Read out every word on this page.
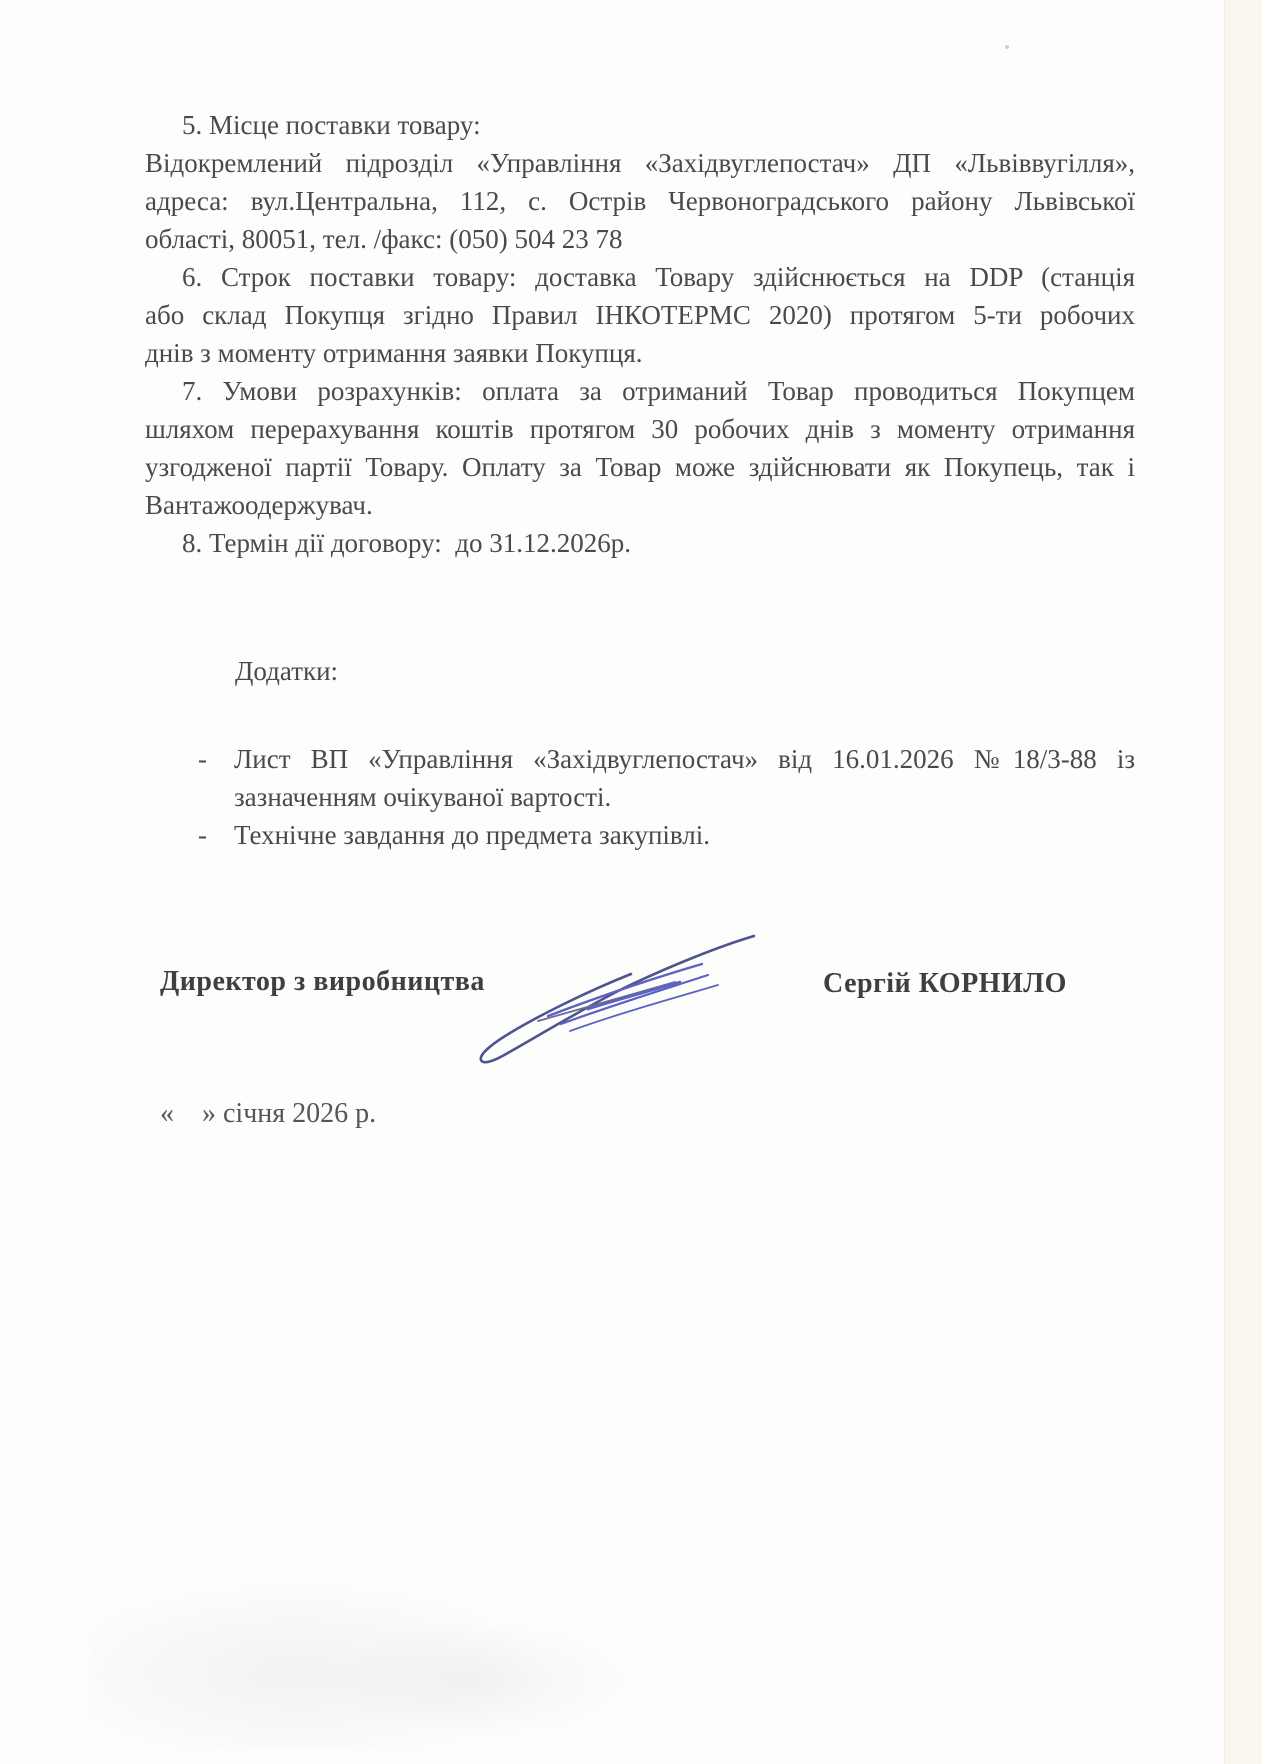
5. Місце поставки товару:
Відокремлений підрозділ «Управління «Західвуглепостач» ДП «Львіввугілля»,
адреса: вул.Центральна, 112, с. Острів Червоноградського району Львівської
області, 80051, тел. /факс: (050) 504 23 78
6. Строк поставки товару: доставка Товару здійснюється на DDP (станція
або склад Покупця згідно Правил ІНКОТЕРМС 2020) протягом 5-ти робочих
днів з моменту отримання заявки Покупця.
7. Умови розрахунків: оплата за отриманий Товар проводиться Покупцем
шляхом перерахування коштів протягом 30 робочих днів з моменту отримання
узгодженої партії Товару. Оплату за Товар може здійснювати як Покупець, так і
Вантажоодержувач.
8. Термін дії договору:  до 31.12.2026р.
Додатки:
-	Лист ВП «Управління «Західвуглепостач» від 16.01.2026 №18/3-88 із
зазначенням очікуваної вартості.
-	Технічне завдання до предмета закупівлі.
Директор з виробництва	Сергій КОРНИЛО
«    » січня 2026 р.
